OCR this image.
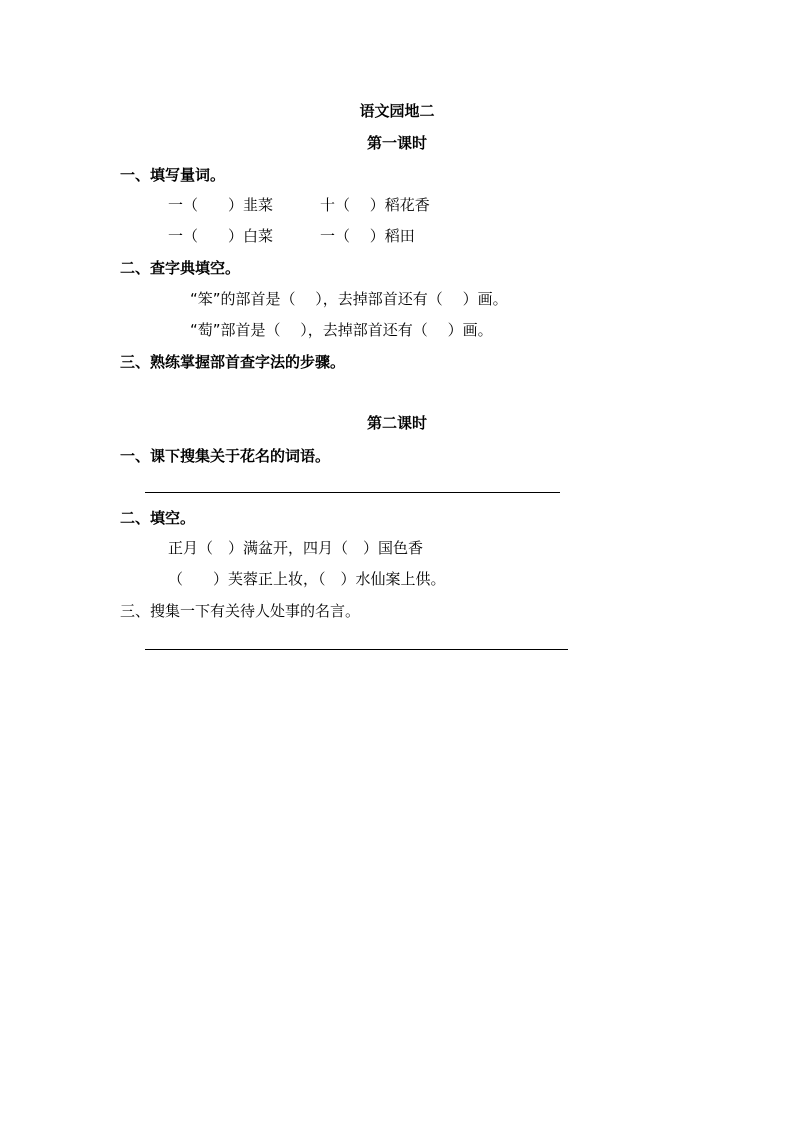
语文园地二
第一课时
一、填写量词。
一（　　）韭菜	十（　 ）稻花香
一（　　）白菜	一（　 ）稻田
二、查字典填空。
“笨”的部首是（　 ），去掉部首还有（　 ）画。
“萄”部首是（　 ），去掉部首还有（　 ）画。
三、熟练掌握部首查字法的步骤。
第二课时
一、课下搜集关于花名的词语。
二、填空。
正月（　）满盆开，四月（　）国色香
（　　）芙蓉正上妆，（　）水仙案上供。
三、搜集一下有关待人处事的名言。
